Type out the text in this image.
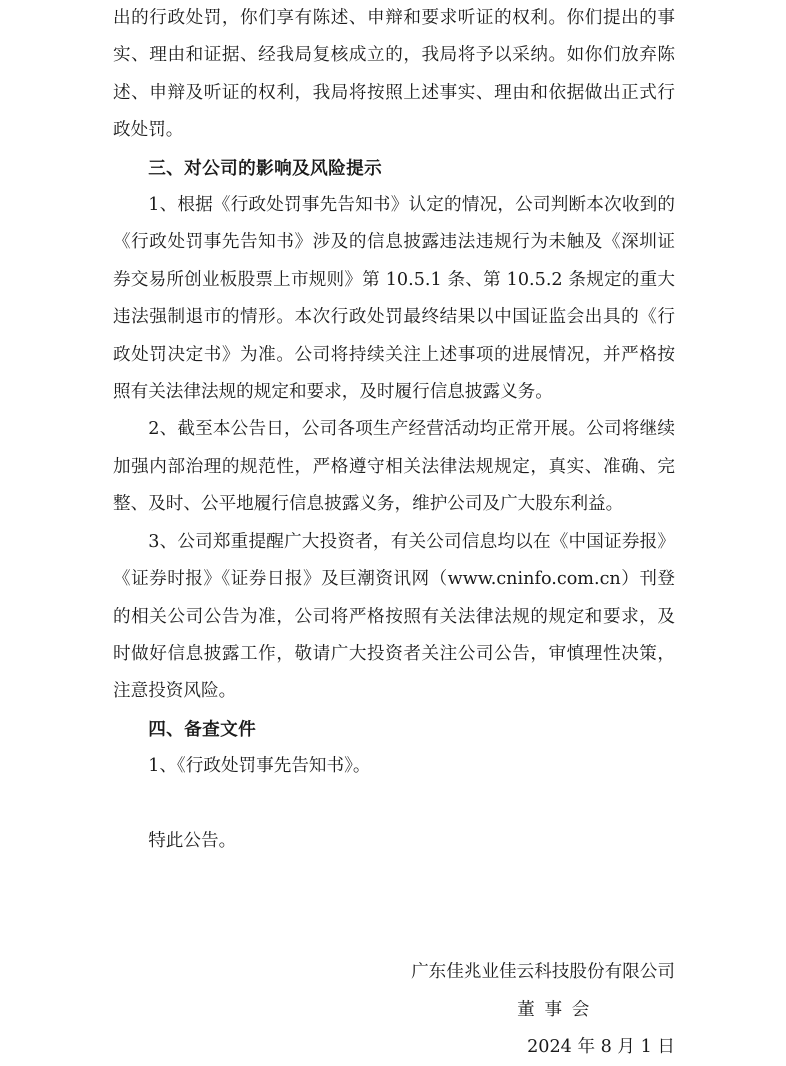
出的行政处罚，你们享有陈述、申辩和要求听证的权利。你们提出的事实、理由和证据、经我局复核成立的，我局将予以采纳。如你们放弃陈述、申辩及听证的权利，我局将按照上述事实、理由和依据做出正式行政处罚。

三、对公司的影响及风险提示

1、根据《行政处罚事先告知书》认定的情况，公司判断本次收到的《行政处罚事先告知书》涉及的信息披露违法违规行为未触及《深圳证券交易所创业板股票上市规则》第 10.5.1 条、第 10.5.2 条规定的重大违法强制退市的情形。本次行政处罚最终结果以中国证监会出具的《行政处罚决定书》为准。公司将持续关注上述事项的进展情况，并严格按照有关法律法规的规定和要求，及时履行信息披露义务。

2、截至本公告日，公司各项生产经营活动均正常开展。公司将继续加强内部治理的规范性，严格遵守相关法律法规规定，真实、准确、完整、及时、公平地履行信息披露义务，维护公司及广大股东利益。

3、公司郑重提醒广大投资者，有关公司信息均以在《中国证券报》《证券时报》《证券日报》及巨潮资讯网（www.cninfo.com.cn）刊登的相关公司公告为准，公司将严格按照有关法律法规的规定和要求，及时做好信息披露工作，敬请广大投资者关注公司公告，审慎理性决策，注意投资风险。

四、备查文件

1、《行政处罚事先告知书》。

特此公告。

广东佳兆业佳云科技股份有限公司

董事会

2024 年 8 月 1 日
